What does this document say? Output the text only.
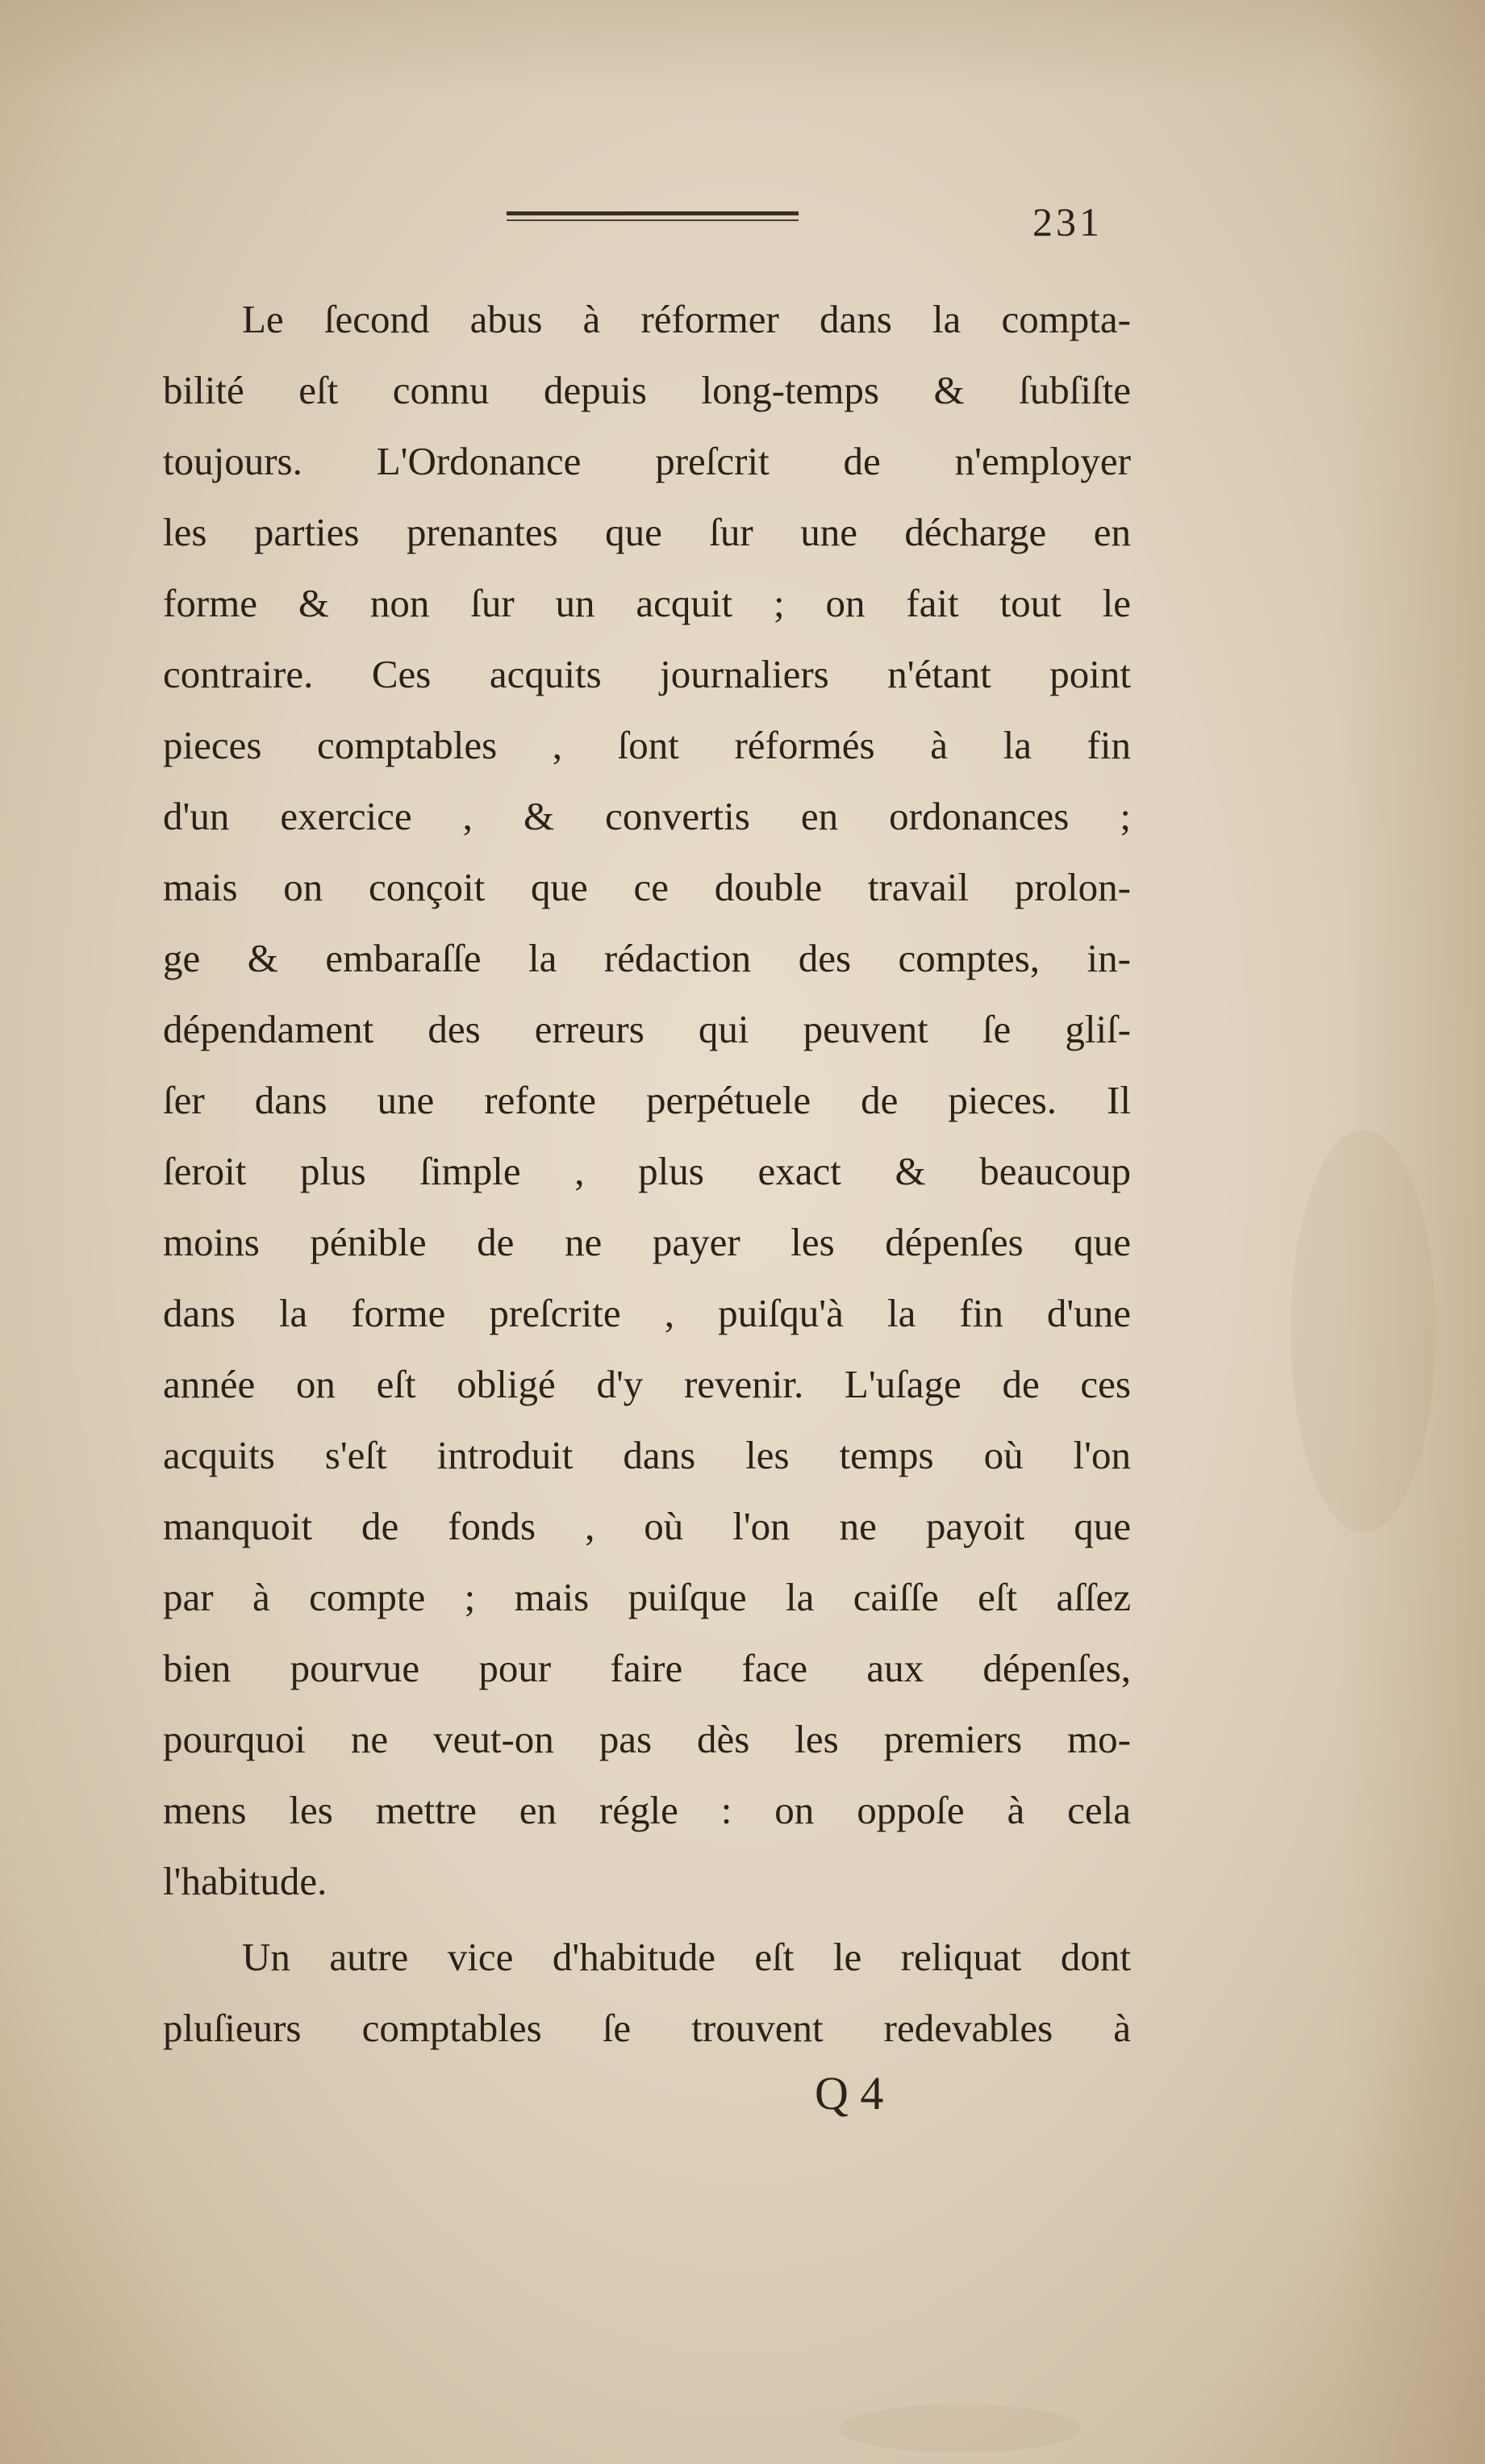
231
Le ſecond abus à réformer dans la compta-
bilité eſt connu depuis long-temps & ſubſiſte
toujours. L'Ordonance preſcrit de n'employer
les parties prenantes que ſur une décharge en
forme & non ſur un acquit ; on fait tout le
contraire. Ces acquits journaliers n'étant point
pieces comptables , ſont réformés à la fin
d'un exercice , & convertis en ordonances ;
mais on conçoit que ce double travail prolon-
ge & embaraſſe la rédaction des comptes, in-
dépendament des erreurs qui peuvent ſe gliſ-
ſer dans une refonte perpétuele de pieces. Il
ſeroit plus ſimple , plus exact & beaucoup
moins pénible de ne payer les dépenſes que
dans la forme preſcrite , puiſqu'à la fin d'une
année on eſt obligé d'y revenir. L'uſage de ces
acquits s'eſt introduit dans les temps où l'on
manquoit de fonds , où l'on ne payoit que
par à compte ; mais puiſque la caiſſe eſt aſſez
bien pourvue pour faire face aux dépenſes,
pourquoi ne veut-on pas dès les premiers mo-
mens les mettre en régle : on oppoſe à cela
l'habitude.
Un autre vice d'habitude eſt le reliquat dont
pluſieurs comptables ſe trouvent redevables à
Q 4
